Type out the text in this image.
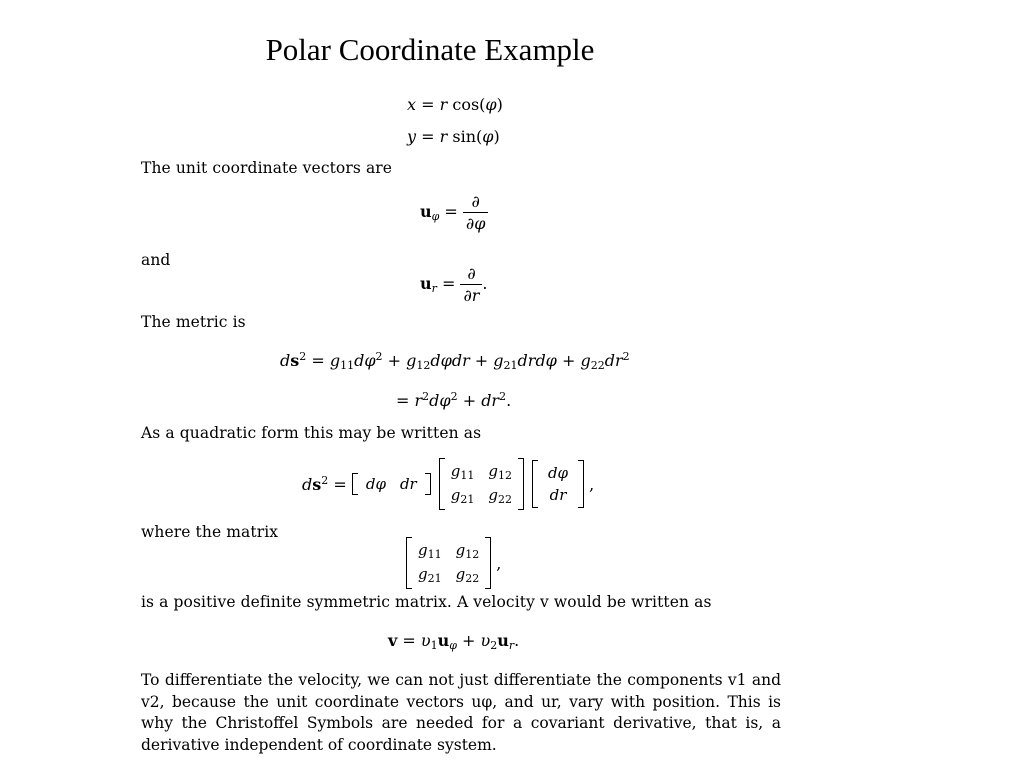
Polar Coordinate Example
x = r cos(φ)
y = r sin(φ)
The unit coordinate vectors are
$u_\varphi = \frac{\partial}{\partial\varphi}$
and
$u_r = \frac{\partial}{\partial r}$ .
The metric is
$ds^2 = g_{11}d\varphi^2 + g_{12}d\varphi dr + g_{21}drd\varphi + g_{22}dr^2$
= $r^2d\varphi^2 + dr^2$.
As a quadratic form this may be written as
$ds^2 = d\varphi$ dr
$g_{11}$ $g_{12}$
$g_{21}$ $g_{22}$
dφ
dr
,
where the matrix
$g_{11}$ $g_{12}$
$g_{21}$ $g_{22}$
,
is a positive definite symmetric matrix. A velocity v would be written as
$v = \upsilon_1u_\varphi + \upsilon_2u_r$.
To differentiate the velocity, we can not just differentiate the components v1 and v2, because the unit coordinate vectors uφ, and ur, vary with position. This is why the Christoffel Symbols are needed for a covariant derivative, that is, a derivative independent of coordinate system.
